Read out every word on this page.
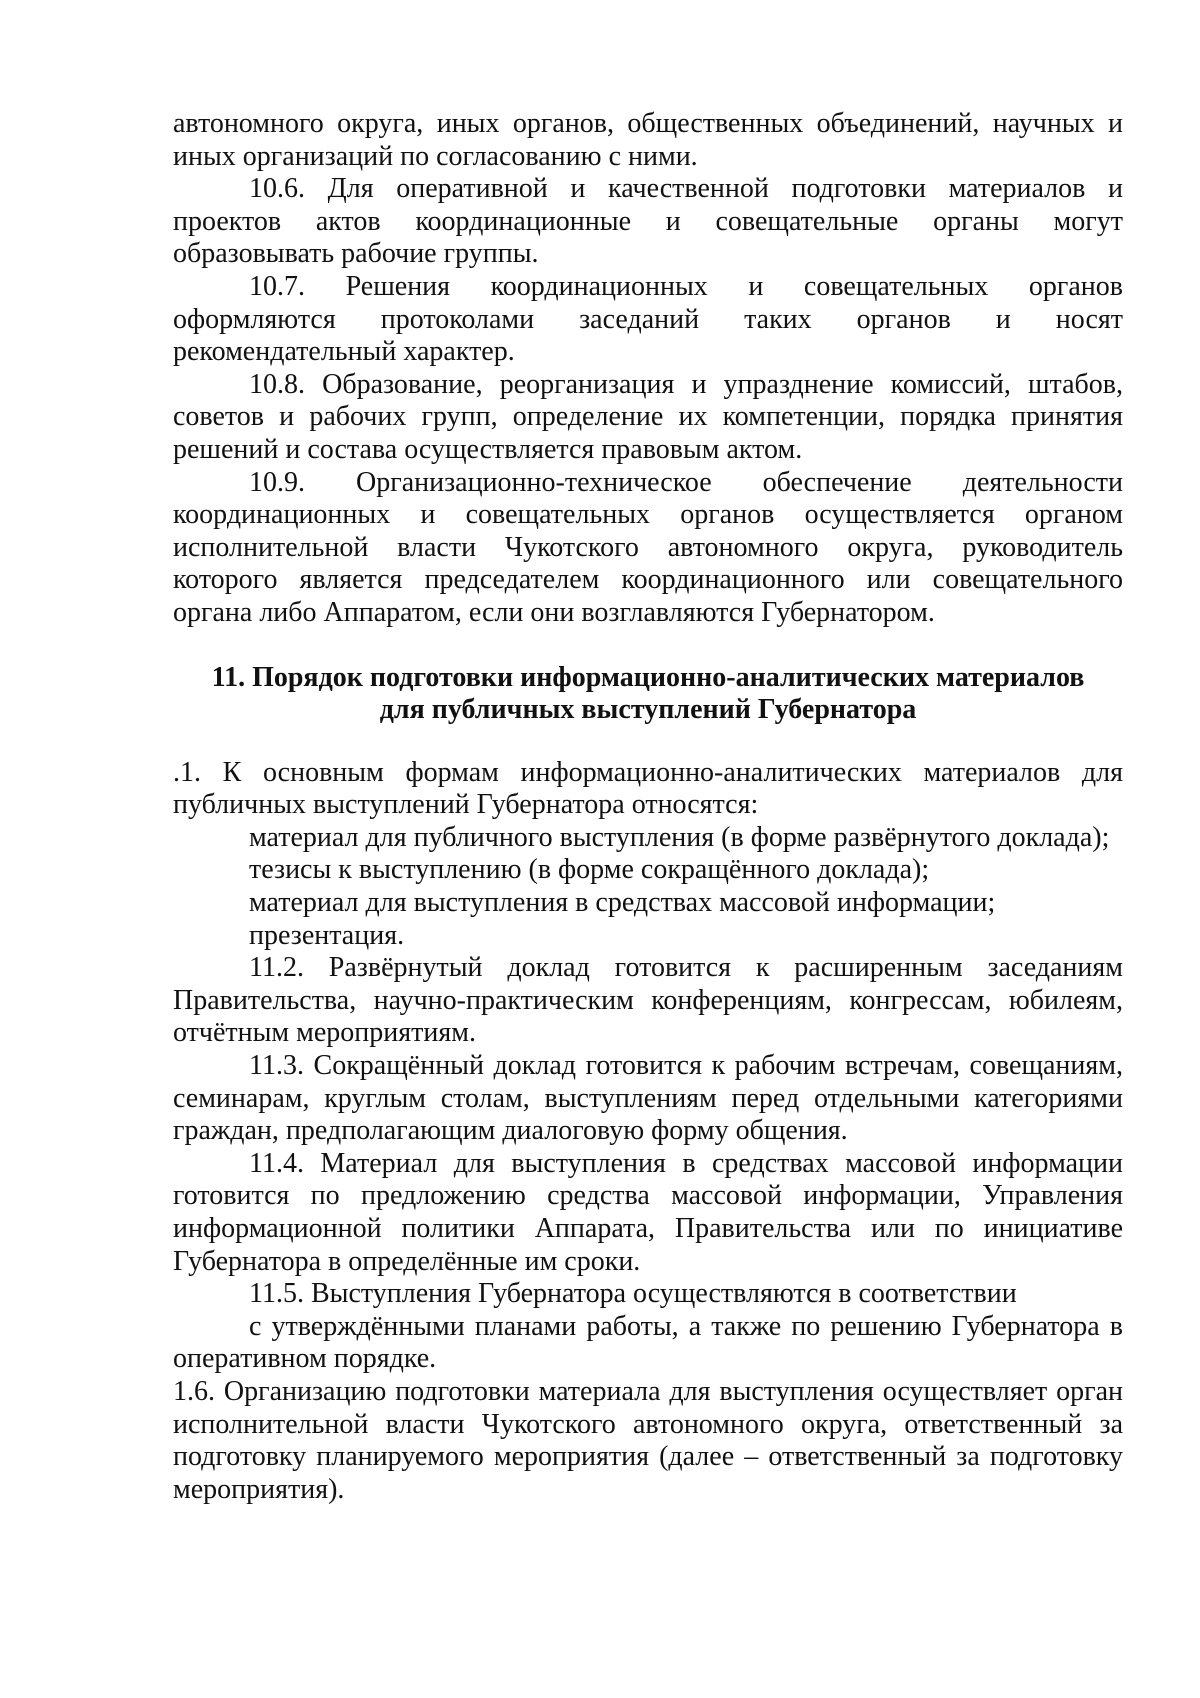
автономного округа, иных органов, общественных объединений, научных и иных организаций по согласованию с ними.

10.6. Для оперативной и качественной подготовки материалов и проектов актов координационные и совещательные органы могут образовывать рабочие группы.

10.7. Решения координационных и совещательных органов оформляются протоколами заседаний таких органов и носят рекомендательный характер.

10.8. Образование, реорганизация и упразднение комиссий, штабов, советов и рабочих групп, определение их компетенции, порядка принятия решений и состава осуществляется правовым актом.

10.9. Организационно-техническое обеспечение деятельности координационных и совещательных органов осуществляется органом исполнительной власти Чукотского автономного округа, руководитель которого является председателем координационного или совещательного органа либо Аппаратом, если они возглавляются Губернатором.

11. Порядок подготовки информационно-аналитических материалов
для публичных выступлений Губернатора

.1. К основным формам информационно-аналитических материалов для публичных выступлений Губернатора относятся:

материал для публичного выступления (в форме развёрнутого доклада);

тезисы к выступлению (в форме сокращённого доклада);

материал для выступления в средствах массовой информации;

презентация.

11.2. Развёрнутый доклад готовится к расширенным заседаниям Правительства, научно-практическим конференциям, конгрессам, юбилеям, отчётным мероприятиям.

11.3. Сокращённый доклад готовится к рабочим встречам, совещаниям, семинарам, круглым столам, выступлениям перед отдельными категориями граждан, предполагающим диалоговую форму общения.

11.4. Материал для выступления в средствах массовой информации готовится по предложению средства массовой информации, Управления информационной политики Аппарата, Правительства или по инициативе Губернатора в определённые им сроки.

11.5. Выступления Губернатора осуществляются в соответствии

с утверждёнными планами работы, а также по решению Губернатора в оперативном порядке.

1.6. Организацию подготовки материала для выступления осуществляет орган исполнительной власти Чукотского автономного округа, ответственный за подготовку планируемого мероприятия (далее – ответственный за подготовку мероприятия).
